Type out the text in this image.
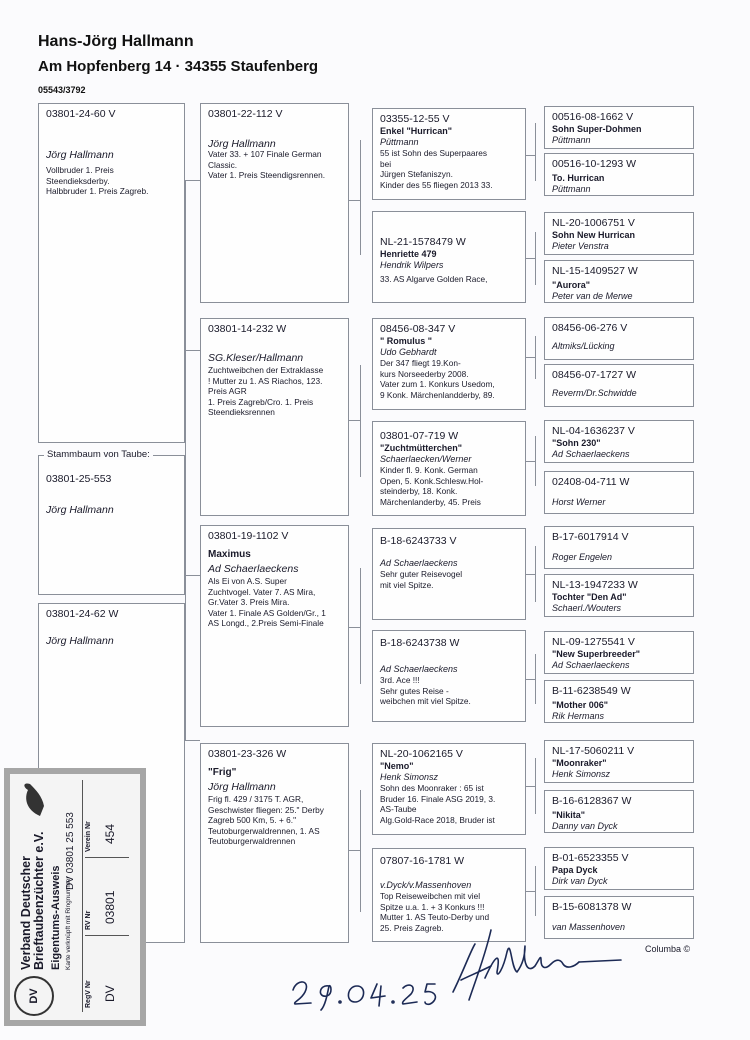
Hans-Jörg Hallmann
Am Hopfenberg 14 · 34355 Staufenberg
05543/3792
03801-24-60 V
Jörg Hallmann
Vollbruder 1. Preis
Steendieksderby.
Halbbruder 1. Preis Zagreb.
03801-25-553
Jörg Hallmann
Stammbaum von Taube:
03801-24-62 W
Jörg Hallmann
03801-22-112 V
Jörg Hallmann
Vater 33. + 107 Finale German
Classic.
Vater 1. Preis Steendigsrennen.
03801-14-232 W
SG.Kleser/Hallmann
Zuchtweibchen der Extraklasse
! Mutter zu 1. AS Riachos, 123.
Preis AGR
1. Preis Zagreb/Cro. 1. Preis
Steendieksrennen
03801-19-1102 V
Maximus
Ad Schaerlaeckens
Als Ei von A.S. Super
Zuchtvogel. Vater 7. AS Mira,
Gr.Vater 3. Preis Mira.
Vater 1. Finale AS Golden/Gr., 1
AS Longd., 2.Preis Semi-Finale
03801-23-326 W
"Frig"
Jörg Hallmann
Frig fl. 429 / 3175 T. AGR,
Geschwister fliegen: 25." Derby
Zagreb 500 Km, 5. + 6."
Teutoburgerwaldrennen, 1. AS
Teutoburgerwaldrennen
03355-12-55 V
Enkel "Hurrican"
Püttmann
55 ist Sohn des Superpaares
bei
Jürgen Stefaniszyn.
Kinder des 55 fliegen 2013 33.
NL-21-1578479 W
Henriette 479
Hendrik Wilpers
33. AS Algarve Golden Race,
08456-08-347 V
" Romulus "
Udo Gebhardt
Der 347 fliegt 19.Kon-
kurs Norseederby 2008.
Vater zum 1. Konkurs Usedom,
9 Konk. Märchenlandderby, 89.
03801-07-719 W
"Zuchtmütterchen"
Schaerlaecken/Werner
Kinder fl. 9. Konk. German
Open, 5. Konk.Schlesw.Hol-
steinderby, 18. Konk.
Märchenlanderby, 45. Preis
B-18-6243733 V
Ad Schaerlaeckens
Sehr guter Reisevogel
mit viel Spitze.
B-18-6243738 W
Ad Schaerlaeckens
3rd. Ace !!!
Sehr gutes Reise -
weibchen mit viel Spitze.
NL-20-1062165 V
"Nemo"
Henk Simonsz
Sohn des Moonraker : 65 ist
Bruder 16. Finale ASG 2019, 3.
AS-Taube
Alg.Gold-Race 2018, Bruder ist
07807-16-1781 W
v.Dyck/v.Massenhoven
Top Reiseweibchen mit viel
Spitze u.a. 1. + 3 Konkurs !!!
Mutter 1. AS Teuto-Derby und
25. Preis Zagreb.
00516-08-1662 V
Sohn Super-Dohmen
Püttmann
00516-10-1293 W
To. Hurrican
Püttmann
NL-20-1006751 V
Sohn New Hurrican
Pieter Venstra
NL-15-1409527 W
"Aurora"
Peter van de Merwe
08456-06-276 V
Altmiks/Lücking
08456-07-1727 W
Reverm/Dr.Schwidde
NL-04-1636237 V
"Sohn 230"
Ad Schaerlaeckens
02408-04-711 W
Horst Werner
B-17-6017914 V
Roger Engelen
NL-13-1947233 W
Tochter "Den Ad"
Schaerl./Wouters
NL-09-1275541 V
"New Superbreeder"
Ad Schaerlaeckens
B-11-6238549 W
"Mother 006"
Rik Hermans
NL-17-5060211 V
"Moonraker"
Henk Simonsz
B-16-6128367 W
"Nikita"
Danny van Dyck
B-01-6523355 V
Papa Dyck
Dirk van Dyck
B-15-6081378 W
van Massenhoven
Columba ©
DV
Verband Deutscher Brieftaubenzüchter e.V. Eigentums-Ausweis Karte verknüpft mit Ringnummer
DV 03801 25 553
RegV Nr
RV Nr
Verein Nr
DV
03801
454
